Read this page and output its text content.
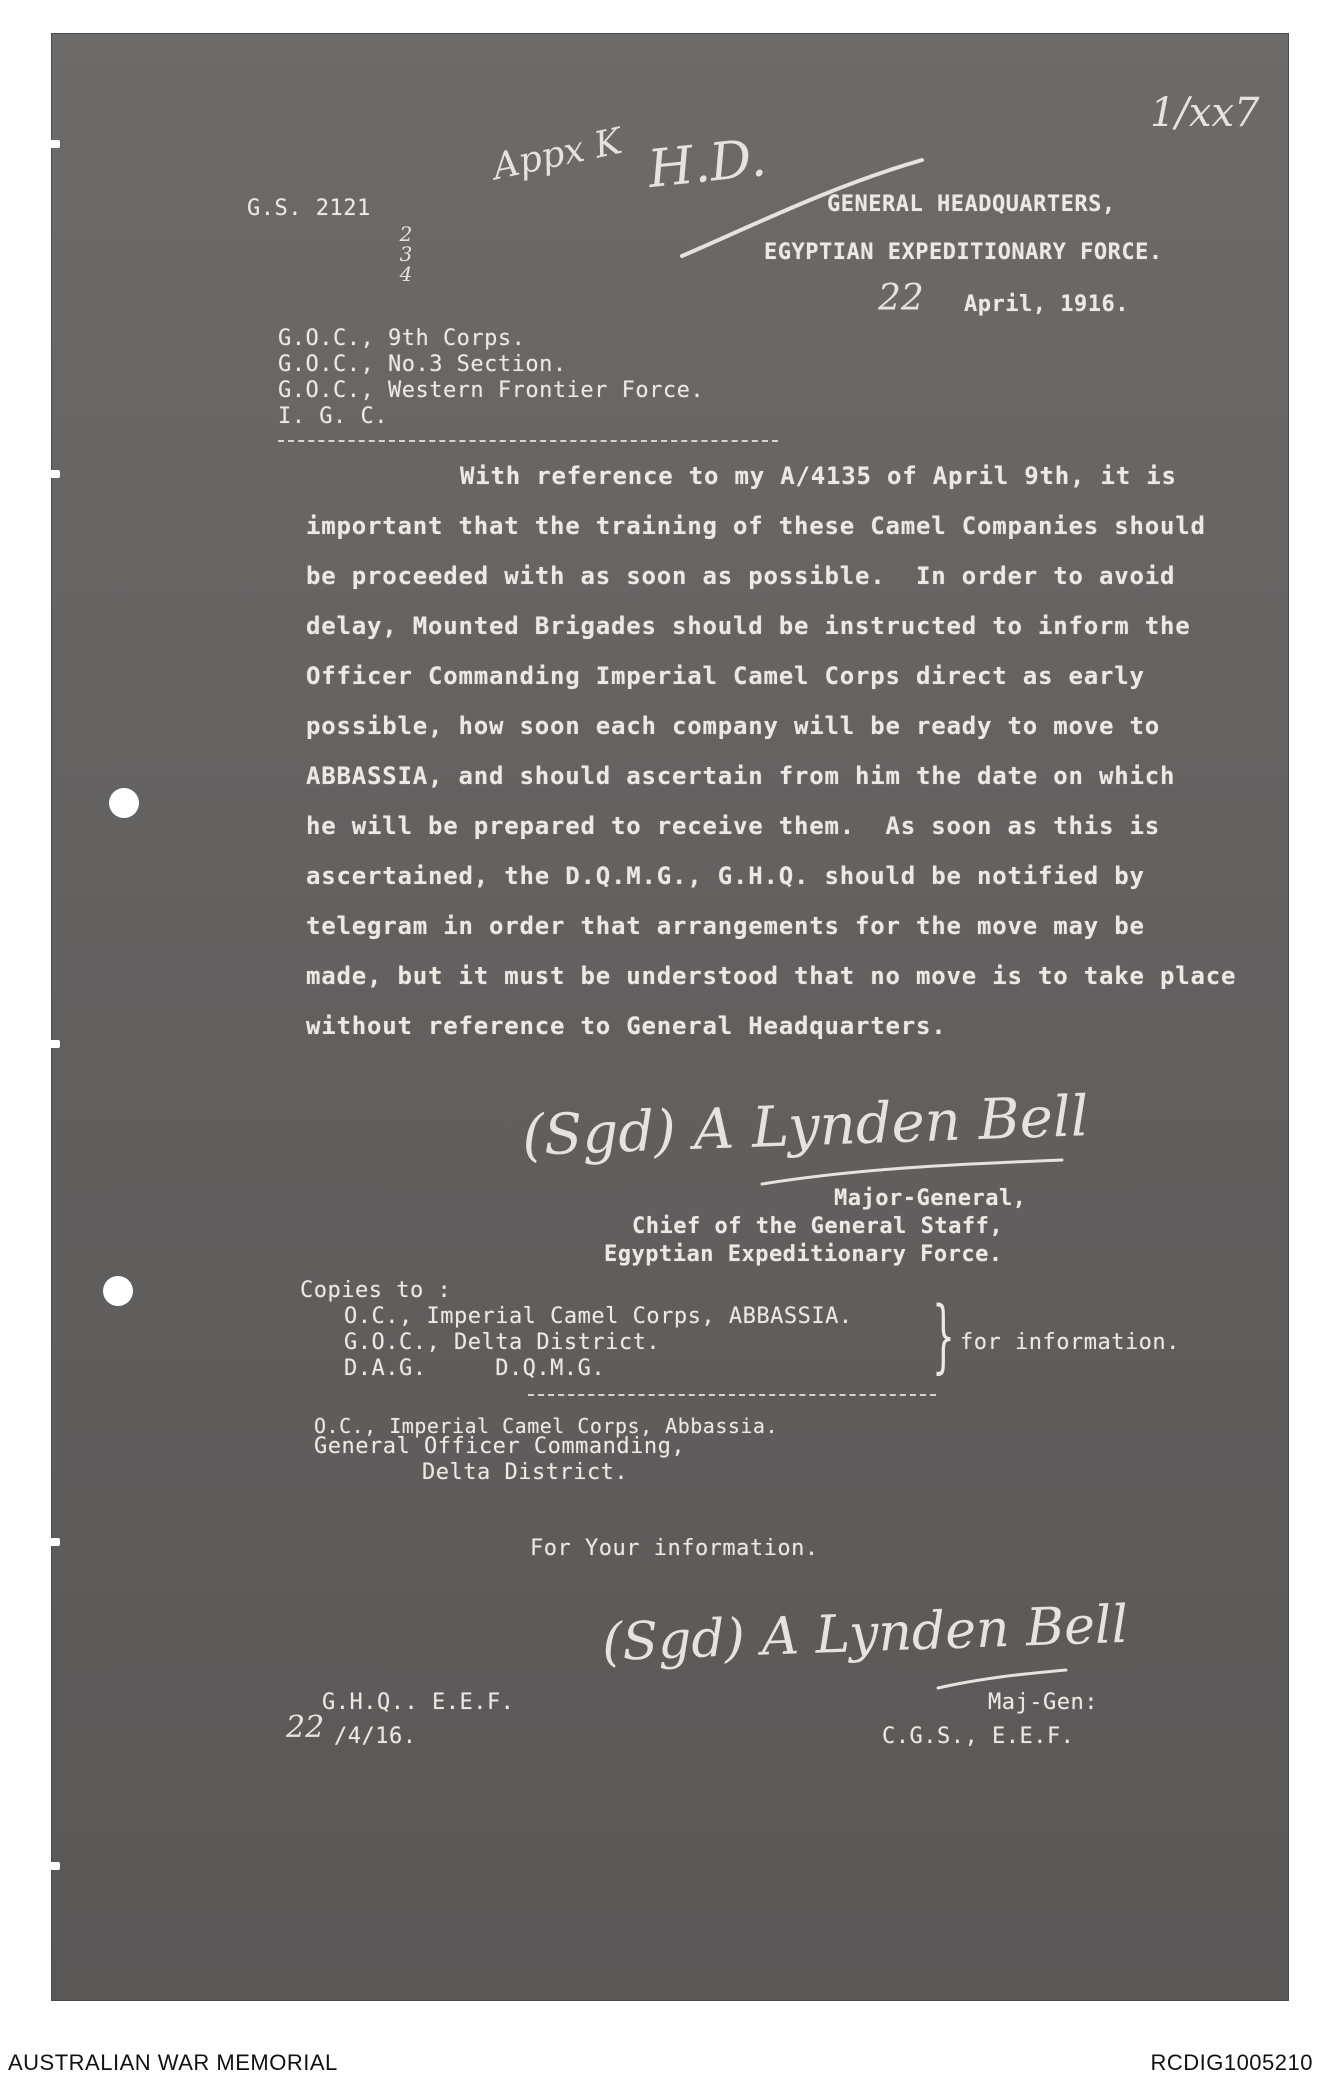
1/xx7
Appx K H.D.
G.S. 2121
234
GENERAL HEADQUARTERS,
EGYPTIAN EXPEDITIONARY FORCE.
22 April, 1916.
G.O.C., 9th Corps.
G.O.C., No.3 Section.
G.O.C., Western Frontier Force.
I. G. C.
With reference to my A/4135 of April 9th, it is
important that the training of these Camel Companies should
be proceeded with as soon as possible.  In order to avoid
delay, Mounted Brigades should be instructed to inform the
Officer Commanding Imperial Camel Corps direct as early
possible, how soon each company will be ready to move to
ABBASSIA, and should ascertain from him the date on which
he will be prepared to receive them.  As soon as this is
ascertained, the D.Q.M.G., G.H.Q. should be notified by
telegram in order that arrangements for the move may be
made, but it must be understood that no move is to take place
without reference to General Headquarters.
(Sgd) A Lynden Bell
Major-General,
Chief of the General Staff,
Egyptian Expeditionary Force.
Copies to :
O.C., Imperial Camel Corps, ABBASSIA.
G.O.C., Delta District.
D.A.G.     D.Q.M.G.	} for information.
O.C., Imperial Camel Corps, Abbassia.
General Officer Commanding,
Delta District.
For Your information.
(Sgd) A Lynden Bell
G.H.Q.. E.E.F.
22 /4/16.
Maj-Gen:
C.G.S., E.E.F.
AUSTRALIAN WAR MEMORIAL	RCDIG1005210
